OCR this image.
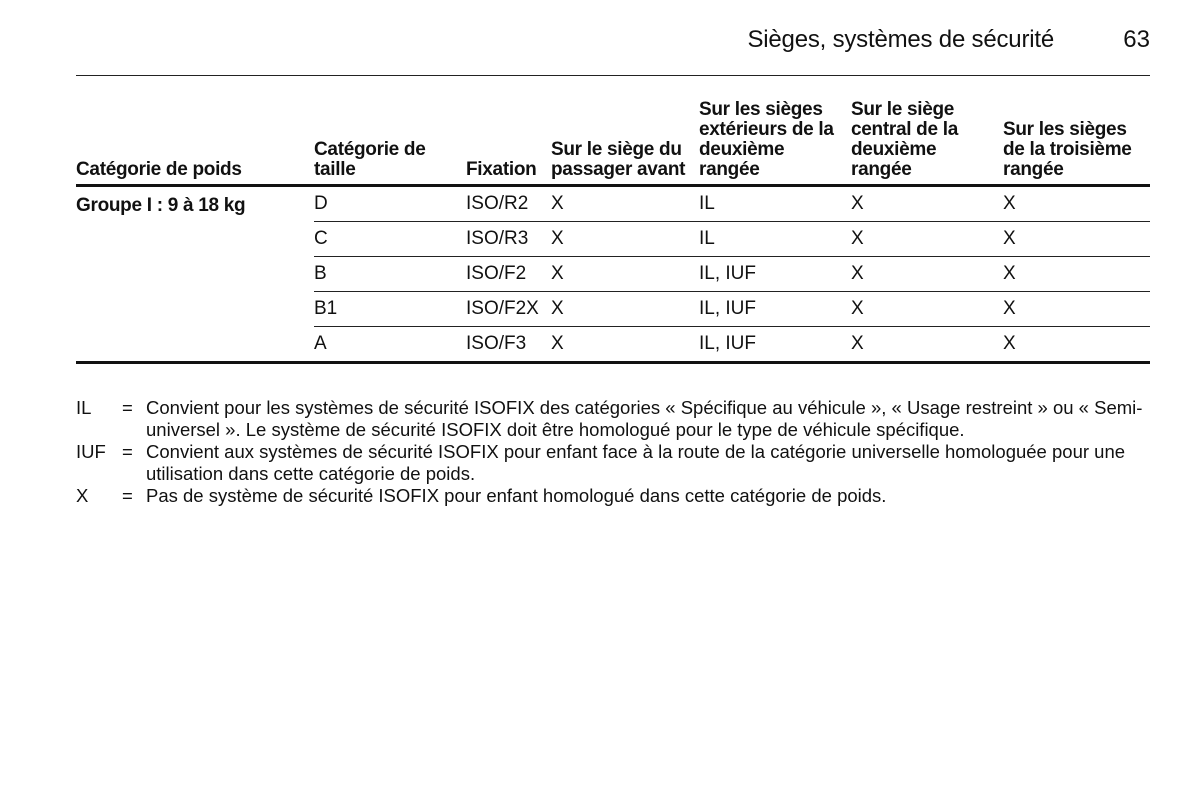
Sièges, systèmes de sécurité	63
Catégorie de poids	Catégorie de taille	Fixation	Sur le siège du passager avant	Sur les sièges extérieurs de la deuxième rangée	Sur le siège central de la deuxième rangée	Sur les sièges de la troisième rangée
Groupe I : 9 à 18 kg	D	ISO/R2	X	IL	X	X
	C	ISO/R3	X	IL	X	X
	B	ISO/F2	X	IL, IUF	X	X
	B1	ISO/F2X	X	IL, IUF	X	X
	A	ISO/F3	X	IL, IUF	X	X
IL	= Convient pour les systèmes de sécurité ISOFIX des catégories « Spécifique au véhicule », « Usage restreint » ou « Semi-universel ». Le système de sécurité ISOFIX doit être homologué pour le type de véhicule spécifique.
IUF = Convient aux systèmes de sécurité ISOFIX pour enfant face à la route de la catégorie universelle homologuée pour une utilisation dans cette catégorie de poids.
X	= Pas de système de sécurité ISOFIX pour enfant homologué dans cette catégorie de poids.
